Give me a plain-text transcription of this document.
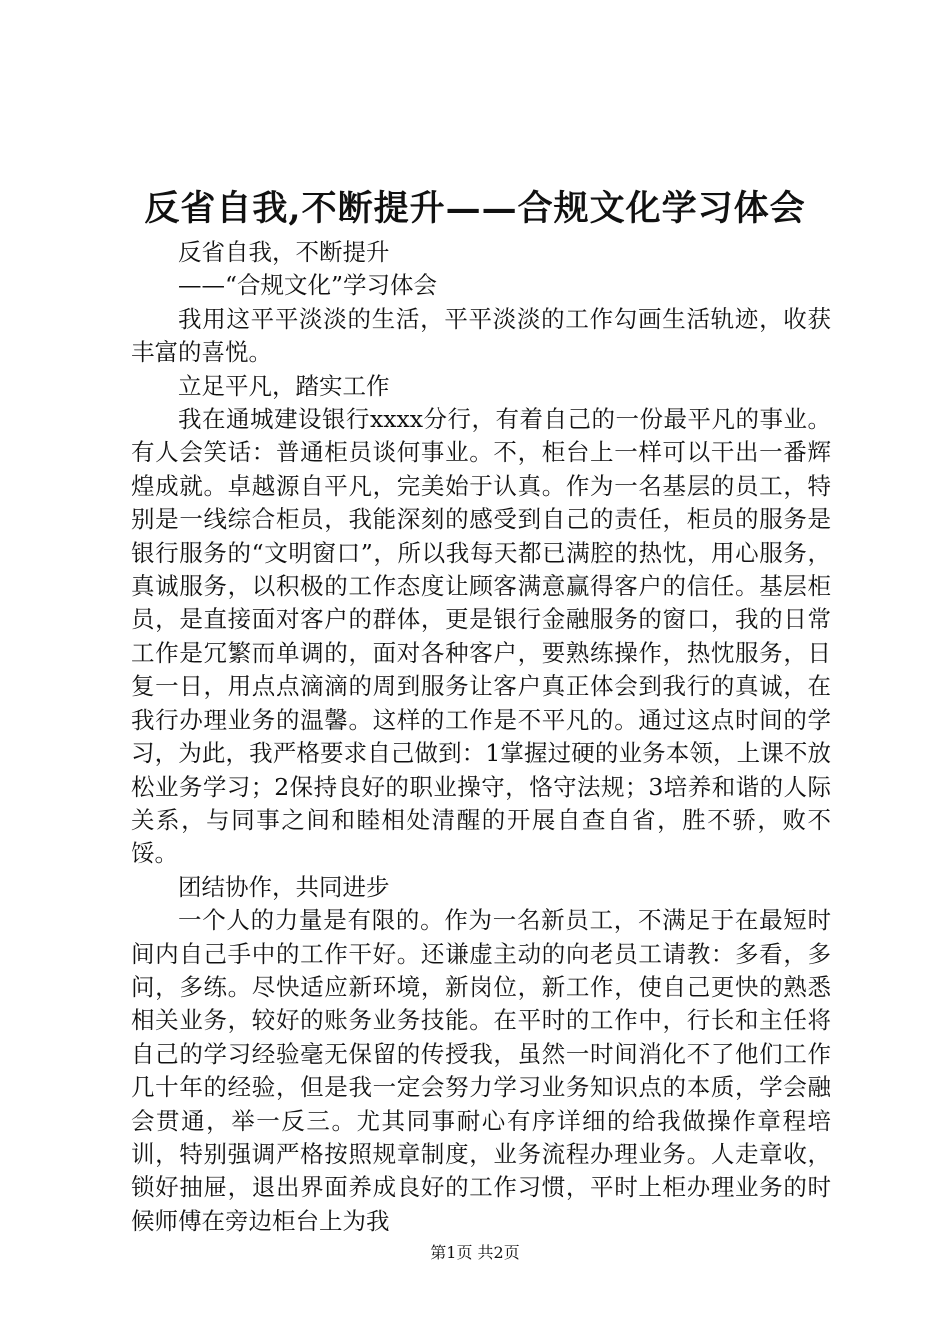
反省自我,不断提升——合规文化学习体会

反省自我，不断提升

——“合规文化”学习体会

我用这平平淡淡的生活，平平淡淡的工作勾画生活轨迹，收获丰富的喜悦。

立足平凡，踏实工作

我在通城建设银行xxxx分行，有着自己的一份最平凡的事业。有人会笑话：普通柜员谈何事业。不，柜台上一样可以干出一番辉煌成就。卓越源自平凡，完美始于认真。作为一名基层的员工，特别是一线综合柜员，我能深刻的感受到自己的责任，柜员的服务是银行服务的“文明窗口”，所以我每天都已满腔的热忱，用心服务，真诚服务，以积极的工作态度让顾客满意赢得客户的信任。基层柜员，是直接面对客户的群体，更是银行金融服务的窗口，我的日常工作是冗繁而单调的，面对各种客户，要熟练操作，热忱服务，日复一日，用点点滴滴的周到服务让客户真正体会到我行的真诚，在我行办理业务的温馨。这样的工作是不平凡的。通过这点时间的学习，为此，我严格要求自己做到：1掌握过硬的业务本领，上课不放松业务学习；2保持良好的职业操守，恪守法规；3培养和谐的人际关系，与同事之间和睦相处清醒的开展自查自省，胜不骄，败不馁。

团结协作，共同进步

一个人的力量是有限的。作为一名新员工，不满足于在最短时间内自己手中的工作干好。还谦虚主动的向老员工请教：多看，多问，多练。尽快适应新环境，新岗位，新工作，使自己更快的熟悉相关业务，较好的账务业务技能。在平时的工作中，行长和主任将自己的学习经验毫无保留的传授我，虽然一时间消化不了他们工作几十年的经验，但是我一定会努力学习业务知识点的本质，学会融会贯通，举一反三。尤其同事耐心有序详细的给我做操作章程培训，特别强调严格按照规章制度，业务流程办理业务。人走章收，锁好抽屉，退出界面养成良好的工作习惯，平时上柜办理业务的时候师傅在旁边柜台上为我

第1页 共2页
